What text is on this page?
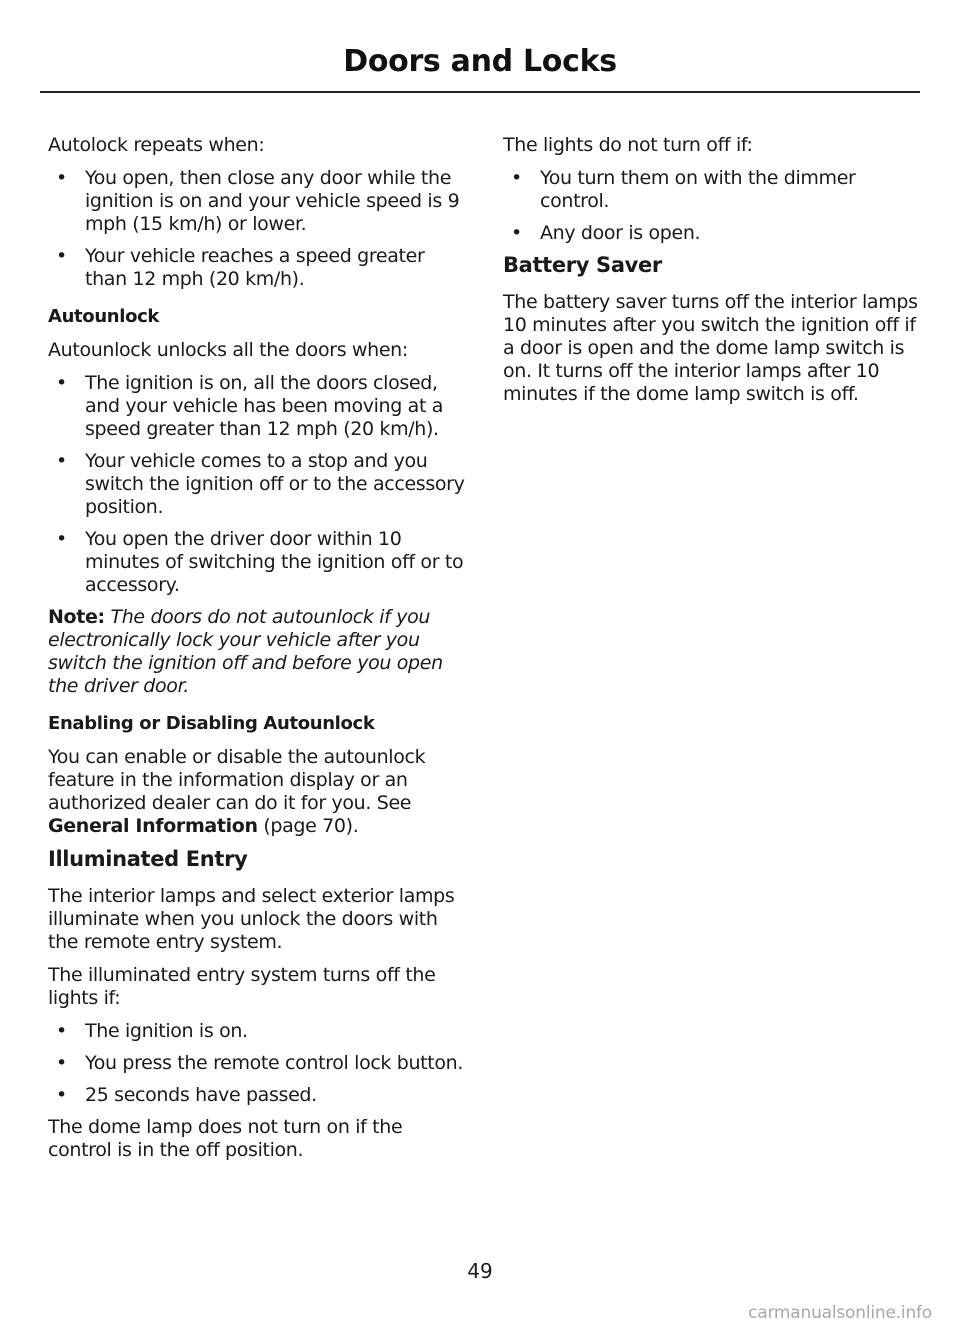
Doors and Locks

Autolock repeats when:

• You open, then close any door while the ignition is on and your vehicle speed is 9 mph (15 km/h) or lower.
• Your vehicle reaches a speed greater than 12 mph (20 km/h).

Autounlock

Autounlock unlocks all the doors when:

• The ignition is on, all the doors closed, and your vehicle has been moving at a speed greater than 12 mph (20 km/h).
• Your vehicle comes to a stop and you switch the ignition off or to the accessory position.
• You open the driver door within 10 minutes of switching the ignition off or to accessory.

Note: The doors do not autounlock if you electronically lock your vehicle after you switch the ignition off and before you open the driver door.

Enabling or Disabling Autounlock

You can enable or disable the autounlock feature in the information display or an authorized dealer can do it for you. See General Information (page 70).

Illuminated Entry

The interior lamps and select exterior lamps illuminate when you unlock the doors with the remote entry system.

The illuminated entry system turns off the lights if:

• The ignition is on.
• You press the remote control lock button.
• 25 seconds have passed.

The dome lamp does not turn on if the control is in the off position.

The lights do not turn off if:

• You turn them on with the dimmer control.
• Any door is open.
Battery Saver

The battery saver turns off the interior lamps 10 minutes after you switch the ignition off if a door is open and the dome lamp switch is on. It turns off the interior lamps after 10 minutes if the dome lamp switch is off.

49
carmanualsonline.info
